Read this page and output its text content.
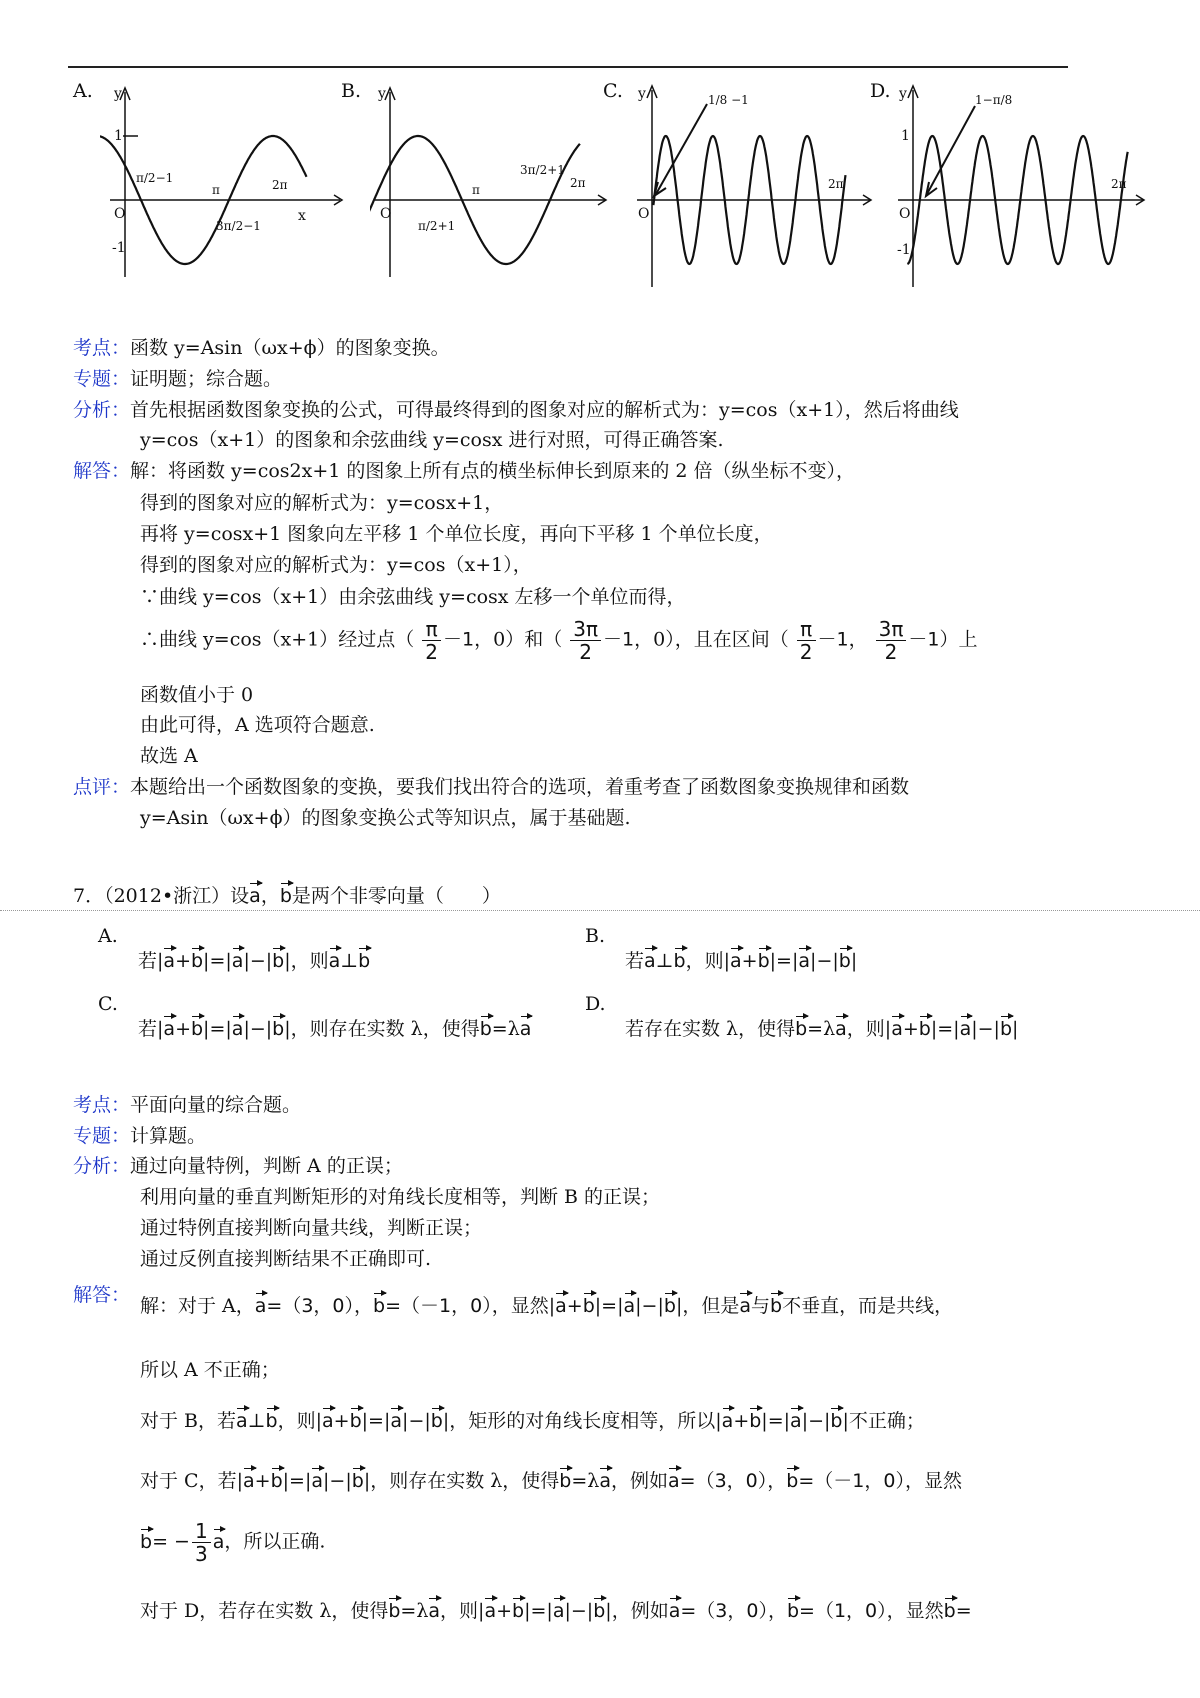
A.	B.	C.	D.
y
1
O
-1
x
π	2π
π/2−1
3π/2−1
y
O
π	2π
π/2+1
3π/2+1
y
O
2π
1/8 −1	y
1
O
-1
2π
1−π/8
考点：函数 y=Asin（ωx+ϕ）的图象变换。
专题：证明题；综合题。
分析：首先根据函数图象变换的公式，可得最终得到的图象对应的解析式为：y=cos（x+1），然后将曲线
y=cos（x+1）的图象和余弦曲线 y=cosx 进行对照，可得正确答案.
解答：解：将函数 y=cos2x+1 的图象上所有点的横坐标伸长到原来的 2 倍（纵坐标不变），
得到的图象对应的解析式为：y=cosx+1，
再将 y=cosx+1 图象向左平移 1 个单位长度，再向下平移 1 个单位长度，
得到的图象对应的解析式为：y=cos（x+1），
∵曲线 y=cos（x+1）由余弦曲线 y=cosx 左移一个单位而得，
∴曲线 y=cos（x+1）经过点（ $\frac{\pi}{2} -1$，0）和（ $\frac{3\pi}{2} -1$，0），且在区间（ $\frac{\pi}{2} -1$， $\frac{3\pi}{2} -1$）上
函数值小于 0
由此可得，A 选项符合题意.
故选 A
点评：本题给出一个函数图象的变换，要我们找出符合的选项，着重考查了函数图象变换规律和函数
y=Asin（ωx+ϕ）的图象变换公式等知识点，属于基础题.
7．（2012•浙江）设a，b是两个非零向量（　　）
A.
若|a+b|=|a|−|b|，则a⊥b
B.
若a⊥b，则|a+b|=|a|−|b|
C.
若|a+b|=|a|−|b|，则存在实数 λ，使得b=λa
D.
若存在实数 λ，使得b=λa，则|a+b|=|a|−|b|
考点：平面向量的综合题。
专题：计算题。
分析：通过向量特例，判断 A 的正误；
利用向量的垂直判断矩形的对角线长度相等，判断 B 的正误；
通过特例直接判断向量共线，判断正误；
通过反例直接判断结果不正确即可.
解答： 解：对于 A，a=（3，0），b=（－1，0），显然|a+b|=|a|−|b|，但是a与b不垂直，而是共线，
所以 A 不正确；
对于 B，若a⊥b，则|a+b|=|a|−|b|，矩形的对角线长度相等，所以|a+b|=|a|−|b|不正确；
对于 C，若|a+b|=|a|−|b|，则存在实数 λ，使得b=λa，例如a=（3，0），b=（－1，0），显然
$b= - \frac{1}{3}$ a，所以正确.
对于 D，若存在实数 λ，使得b=λa，则|a+b|=|a|−|b|，例如a=（3，0），b=（1，0），显然b=
